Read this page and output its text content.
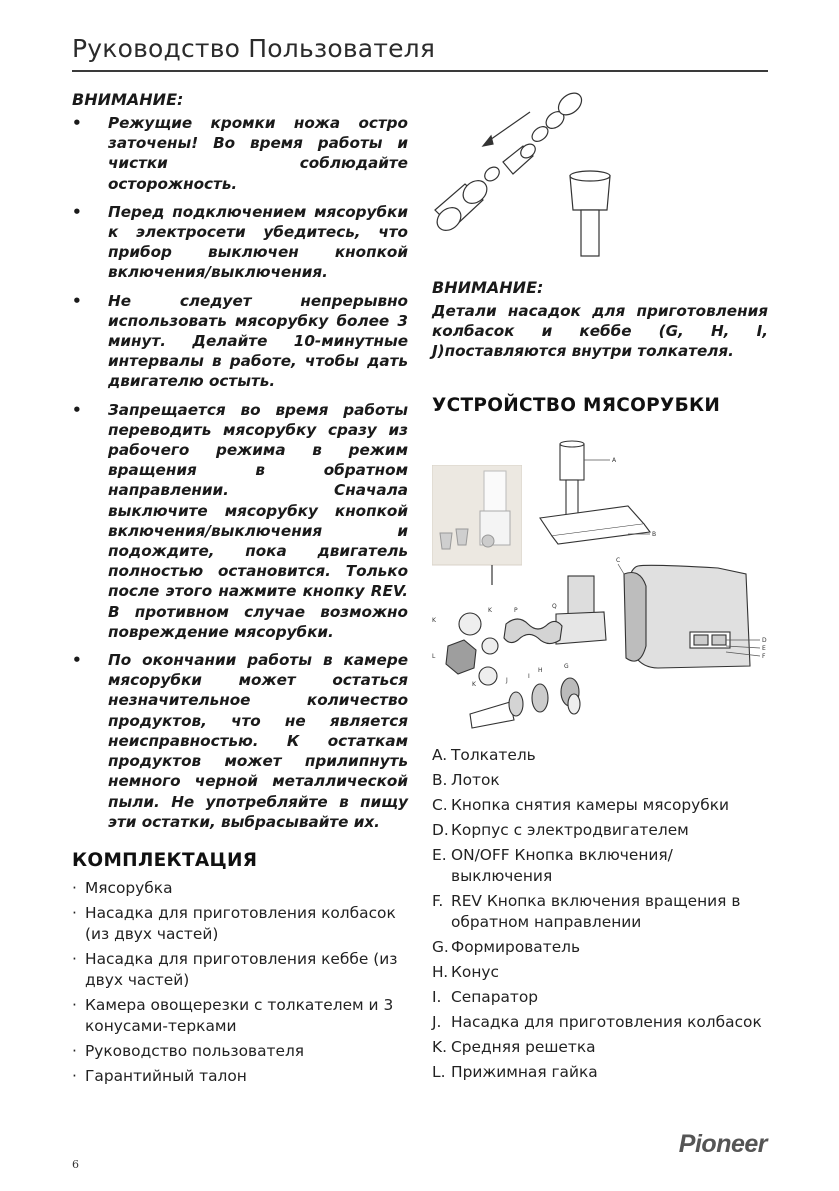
Руководство Пользователя
ВНИМАНИЕ:
• Режущие кромки ножа остро заточены! Во время работы и чистки соблюдайте осторожность.
• Перед подключением мясорубки к электросети убедитесь, что прибор выключен кнопкой включения/выключения.
• Не следует непрерывно использовать мясорубку более 3 минут. Делайте 10-минутные интервалы в работе, чтобы дать двигателю остыть.
• Запрещается во время работы переводить мясорубку сразу из рабочего режима в режим вращения в обратном направлении. Сначала выключите мясорубку кнопкой включения/выключения и подождите, пока двигатель полностью остановится. Только после этого нажмите кнопку REV. В противном случае возможно повреждение мясорубки.
• По окончании работы в камере мясорубки может остаться незначительное количество продуктов, что не является неисправностью. К остаткам продуктов может прилипнуть немного черной металлической пыли. Не употребляйте в пищу эти остатки, выбрасывайте их.
КОМПЛЕКТАЦИЯ
· Мясорубка
· Насадка для приготовления колбасок (из двух частей)
· Насадка для приготовления кеббе (из двух частей)
· Камера овощерезки с толкателем и 3 конусами-терками
· Руководство пользователя
· Гарантийный талон
ВНИМАНИЕ:
Детали насадок для приготовления колбасок и кеббе (G, H, I, J)поставляются внутри толкателя.
УСТРОЙСТВО МЯСОРУБКИ
A
B
C
D
E
F
Q
P
K
K
L
K
J
I
H
G
A. Толкатель
B. Лоток
C. Кнопка снятия камеры мясорубки
D. Корпус с электродвигателем
E. ON/OFF Кнопка включения/выключения
F. REV Кнопка включения вращения в обратном направлении
G. Формирователь
H. Конус
I. Сепаратор
J. Насадка для приготовления колбасок
K. Средняя решетка
L. Прижимная гайка
6
Pioneer
